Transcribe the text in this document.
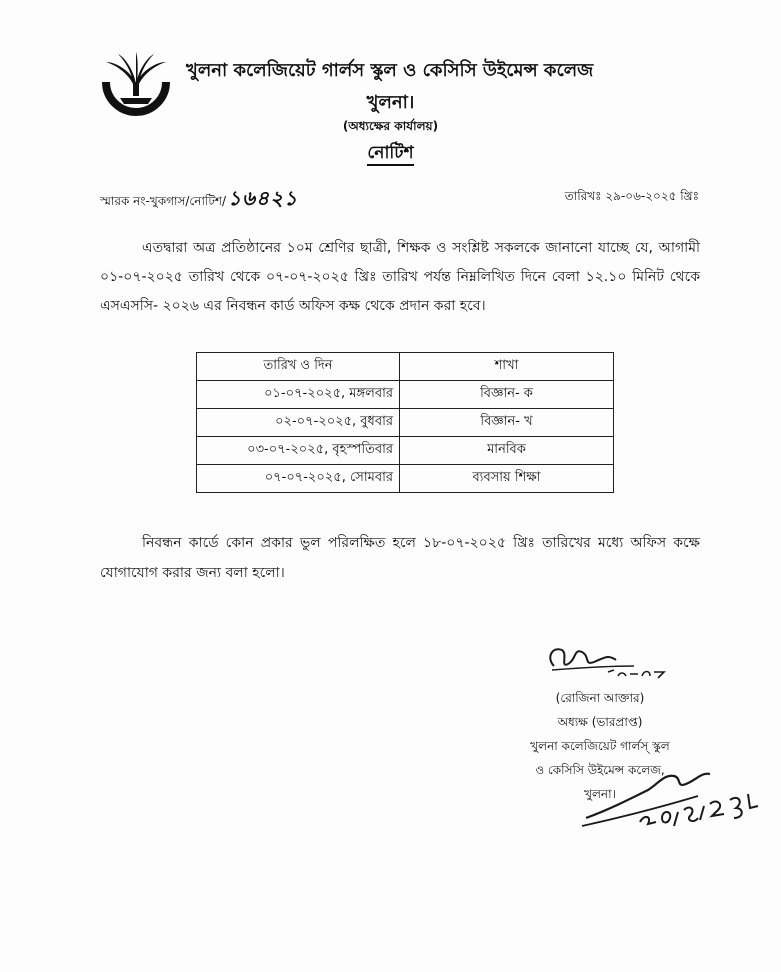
খুলনা কলেজিয়েট গার্লস স্কুল ও কেসিসি উইমেন্স কলেজ
খুলনা।
(অধ্যক্ষের কার্যালয়)
নোটিশ
স্মারক নং-খুকগাস/নোটিশ/ ১৬৪২১	তারিখঃ ২৯-০৬-২০২৫ খ্রিঃ
এতদ্বারা অত্র প্রতিষ্ঠানের ১০ম শ্রেণির ছাত্রী, শিক্ষক ও সংশ্লিষ্ট সকলকে জানানো যাচ্ছে যে, আগামী ০১-০৭-২০২৫ তারিখ থেকে ০৭-০৭-২০২৫ খ্রিঃ তারিখ পর্যন্ত নিম্নলিখিত দিনে বেলা ১২.১০ মিনিট থেকে এসএসসি- ২০২৬ এর নিবন্ধন কার্ড অফিস কক্ষ থেকে প্রদান করা হবে।
তারিখ ও দিন	শাখা
০১-০৭-২০২৫, মঙ্গলবার	বিজ্ঞান- ক
০২-০৭-২০২৫, বুধবার	বিজ্ঞান- খ
০৩-০৭-২০২৫, বৃহস্পতিবার	মানবিক
০৭-০৭-২০২৫, সোমবার	ব্যবসায় শিক্ষা
নিবন্ধন কার্ডে কোন প্রকার ভুল পরিলক্ষিত হলে ১৮-০৭-২০২৫ খ্রিঃ তারিখের মধ্যে অফিস কক্ষে যোগাযোগ করার জন্য বলা হলো।
(রোজিনা আক্তার)
অধ্যক্ষ (ভারপ্রাপ্ত)
খুলনা কলেজিয়েট গার্লস্ স্কুল
ও কেসিসি উইমেন্স কলেজ,
খুলনা।
